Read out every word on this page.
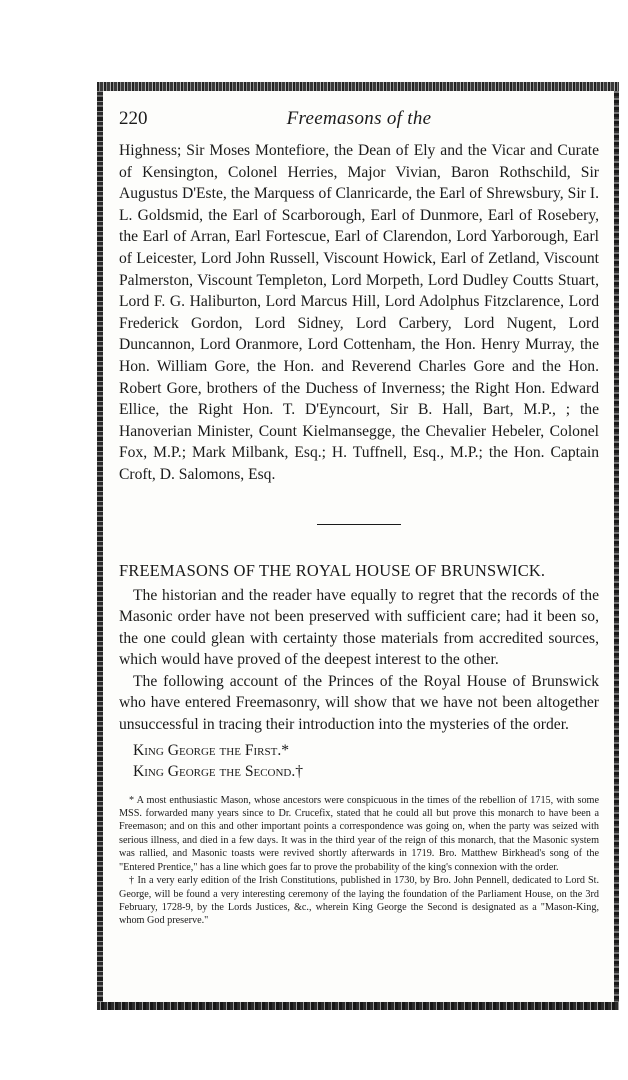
Freemasons of the
220

Highness; Sir Moses Montefiore, the Dean of Ely and the Vicar and Curate of Kensington, Colonel Herries, Major Vivian, Baron Rothschild, Sir Augustus D'Este, the Marquess of Clanricarde, the Earl of Shrewsbury, Sir I. L. Goldsmid, the Earl of Scarborough, Earl of Dunmore, Earl of Rosebery, the Earl of Arran, Earl Fortescue, Earl of Clarendon, Lord Yarborough, Earl of Leicester, Lord John Russell, Viscount Howick, Earl of Zetland, Viscount Palmerston, Viscount Templeton, Lord Morpeth, Lord Dudley Coutts Stuart, Lord F. G. Haliburton, Lord Marcus Hill, Lord Adolphus Fitzclarence, Lord Frederick Gordon, Lord Sidney, Lord Carbery, Lord Nugent, Lord Duncannon, Lord Oranmore, Lord Cottenham, the Hon. Henry Murray, the Hon. William Gore, the Hon. and Reverend Charles Gore and the Hon. Robert Gore, brothers of the Duchess of Inverness; the Right Hon. Edward Ellice, the Right Hon. T. D'Eyncourt, Sir B. Hall, Bart, M.P., ; the Hanoverian Minister, Count Kielmansegge, the Chevalier Hebeler, Colonel Fox, M.P.; Mark Milbank, Esq.; H. Tuffnell, Esq., M.P.; the Hon. Captain Croft, D. Salomons, Esq.

FREEMASONS OF THE ROYAL HOUSE OF BRUNSWICK.

The historian and the reader have equally to regret that the records of the Masonic order have not been preserved with sufficient care; had it been so, the one could glean with certainty those materials from accredited sources, which would have proved of the deepest interest to the other.

The following account of the Princes of the Royal House of Brunswick who have entered Freemasonry, will show that we have not been altogether unsuccessful in tracing their introduction into the mysteries of the order.

King George the First.*
King George the Second.†

* A most enthusiastic Mason, whose ancestors were conspicuous in the times of the rebellion of 1715, with some MSS. forwarded many years since to Dr. Crucefix, stated that he could all but prove this monarch to have been a Freemason; and on this and other important points a correspondence was going on, when the party was seized with serious illness, and died in a few days. It was in the third year of the reign of this monarch, that the Masonic system was rallied, and Masonic toasts were revived shortly afterwards in 1719. Bro. Matthew Birkhead's song of the "Entered Prentice," has a line which goes far to prove the probability of the king's connexion with the order.

† In a very early edition of the Irish Constitutions, published in 1730, by Bro. John Pennell, dedicated to Lord St. George, will be found a very interesting ceremony of the laying the foundation of the Parliament House, on the 3rd February, 1728-9, by the Lords Justices, &c., wherein King George the Second is designated as a "Mason-King, whom God preserve."
